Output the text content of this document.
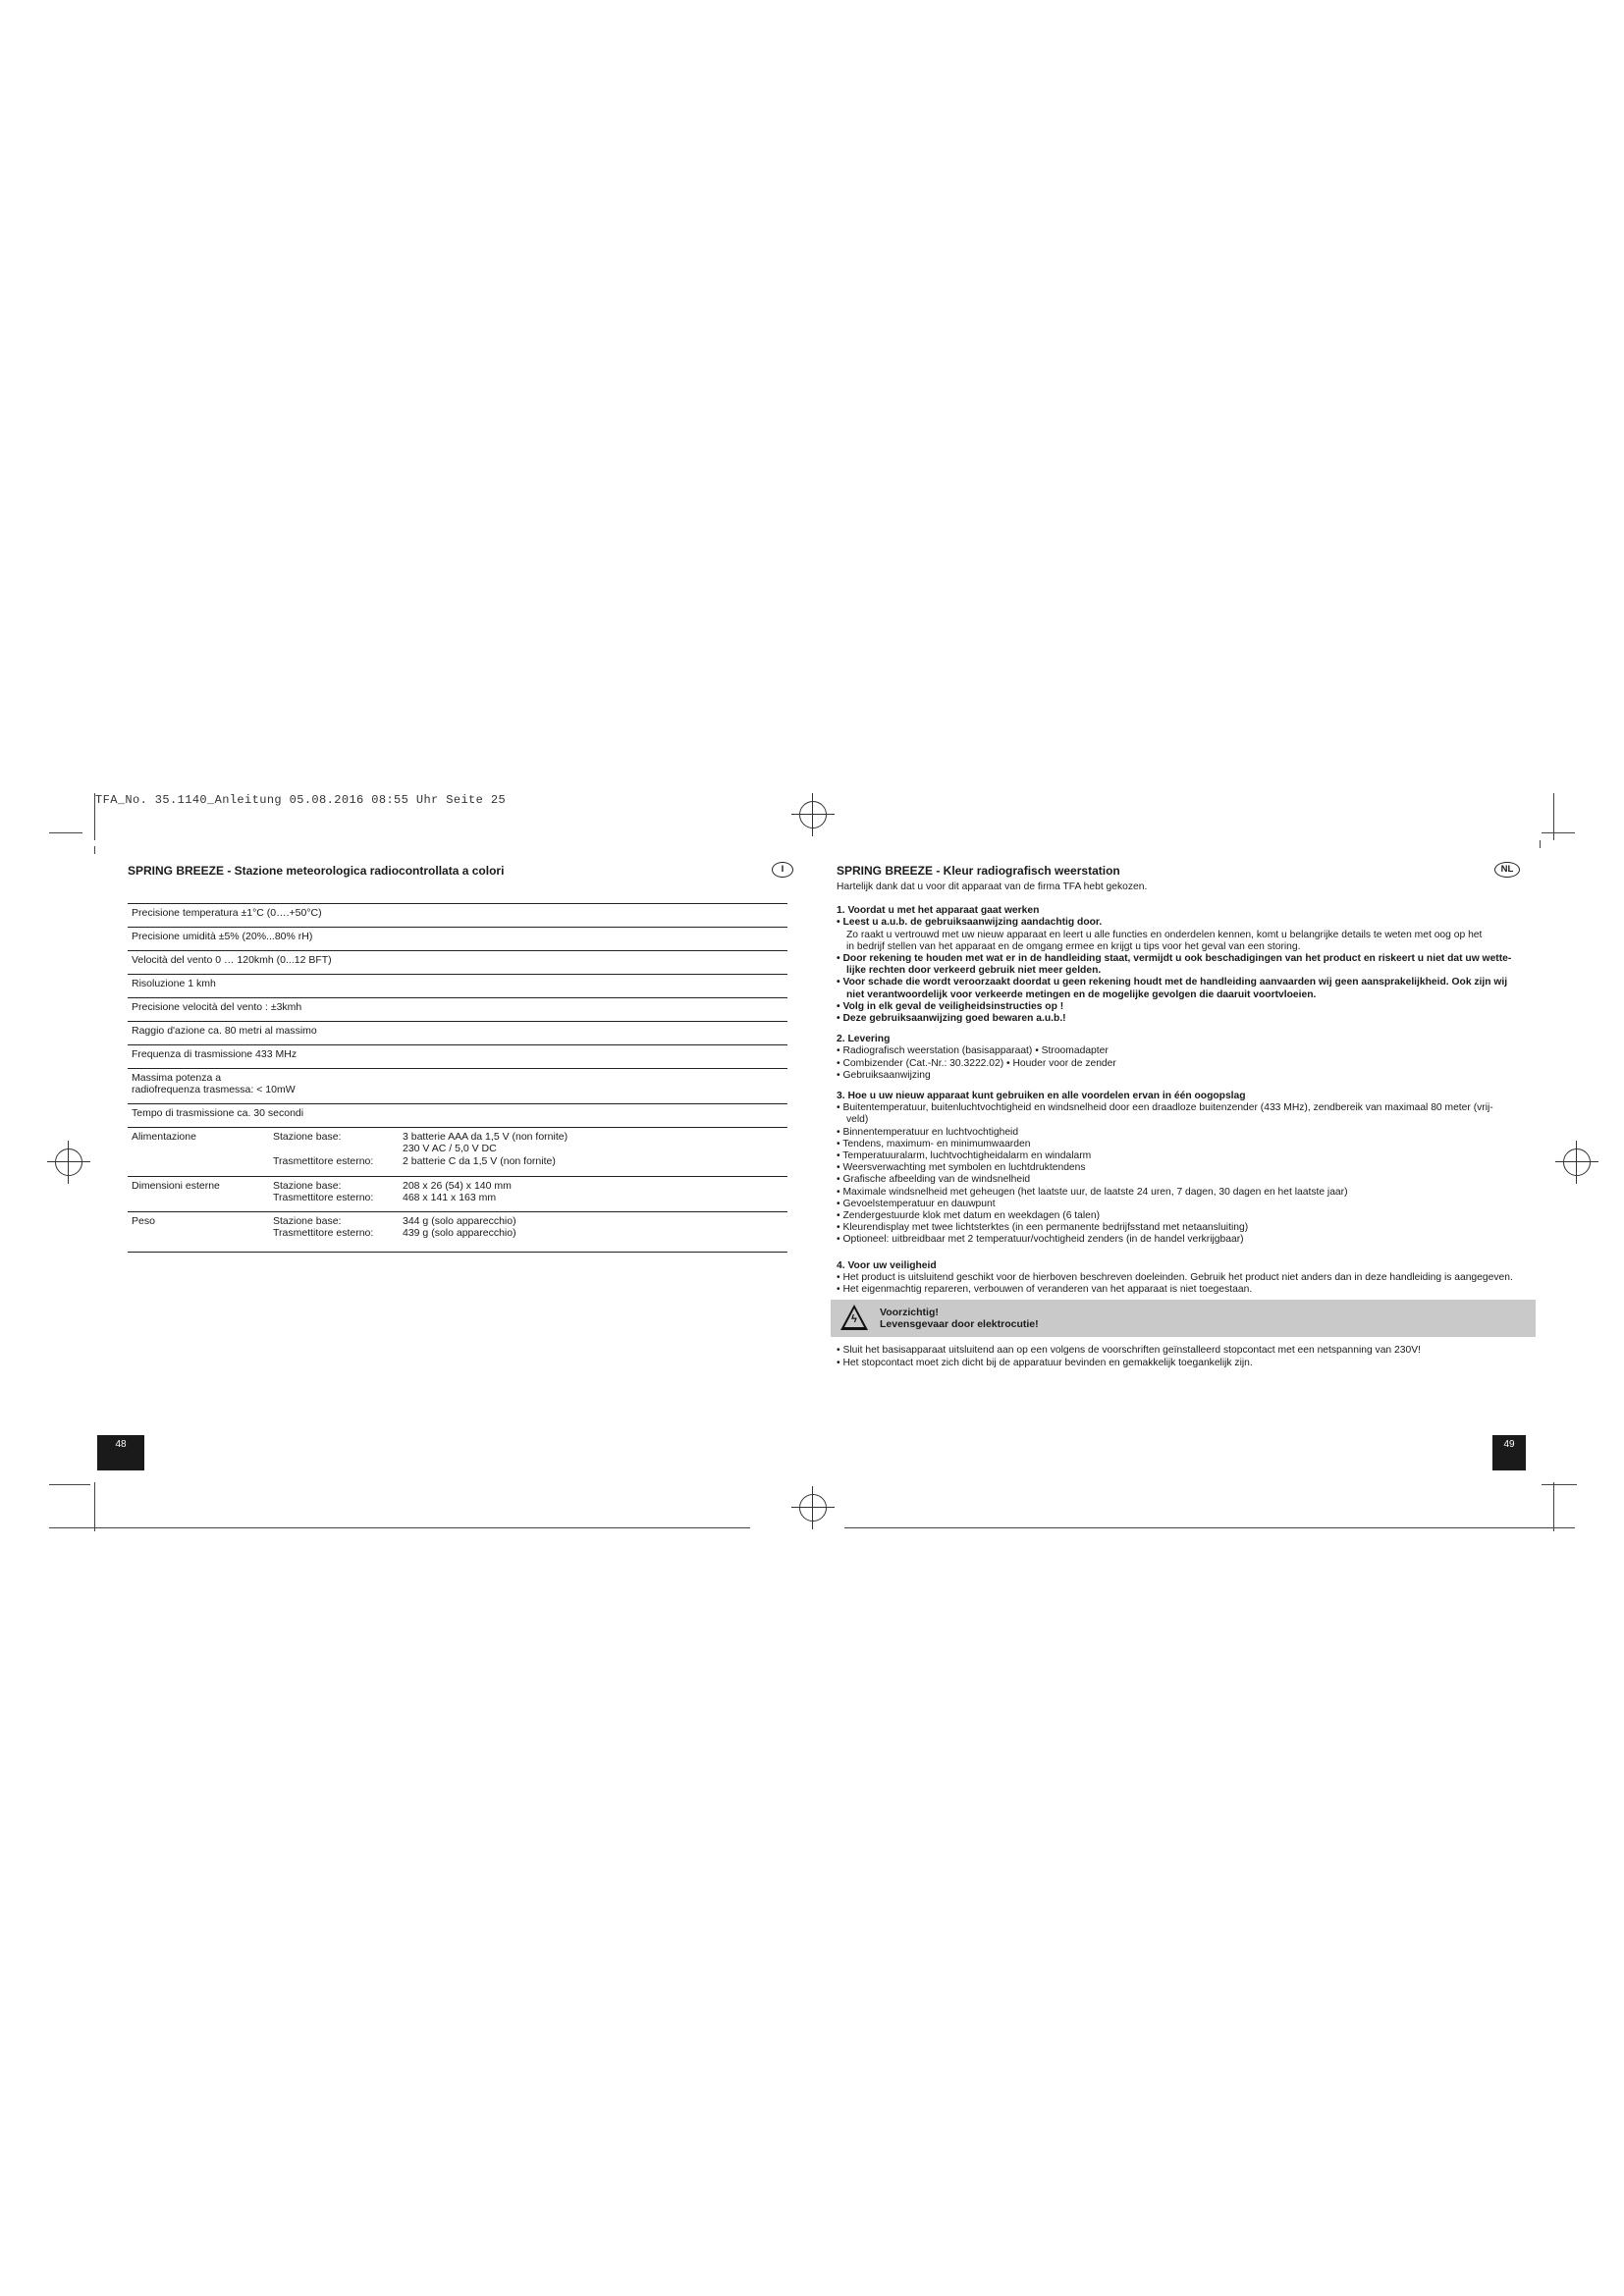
TFA_No. 35.1140_Anleitung 05.08.2016 08:55 Uhr Seite 25
SPRING BREEZE - Stazione meteorologica radiocontrollata a colori	I
Precisione temperatura ±1°C (0….+50°C)
Precisione umidità ±5% (20%...80% rH)
Velocità del vento 0 … 120kmh (0...12 BFT)
Risoluzione 1 kmh
Precisione velocità del vento : ±3kmh
Raggio d'azione ca. 80 metri al massimo
Frequenza di trasmissione 433 MHz
Massima potenza a
radiofrequenza trasmessa: < 10mW
Tempo di trasmissione ca. 30 secondi
Alimentazione	Stazione base:	3 batterie AAA da 1,5 V (non fornite)
230 V AC / 5,0 V DC
Trasmettitore esterno:	2 batterie C da 1,5 V (non fornite)
Dimensioni esterne	Stazione base:	208 x 26 (54) x 140 mm
Trasmettitore esterno:	468 x 141 x 163 mm
Peso	Stazione base:	344 g (solo apparecchio)
Trasmettitore esterno:	439 g (solo apparecchio)
48
SPRING BREEZE - Kleur radiografisch weerstation	NL
Hartelijk dank dat u voor dit apparaat van de firma TFA hebt gekozen.
1. Voordat u met het apparaat gaat werken
• Leest u a.u.b. de gebruiksaanwijzing aandachtig door.
Zo raakt u vertrouwd met uw nieuw apparaat en leert u alle functies en onderdelen kennen, komt u belangrijke details te weten met oog op het
in bedrijf stellen van het apparaat en de omgang ermee en krijgt u tips voor het geval van een storing.
• Door rekening te houden met wat er in de handleiding staat, vermijdt u ook beschadigingen van het product en riskeert u niet dat uw wette-
lijke rechten door verkeerd gebruik niet meer gelden.
• Voor schade die wordt veroorzaakt doordat u geen rekening houdt met de handleiding aanvaarden wij geen aansprakelijkheid. Ook zijn wij
niet verantwoordelijk voor verkeerde metingen en de mogelijke gevolgen die daaruit voortvloeien.
• Volg in elk geval de veiligheidsinstructies op !
• Deze gebruiksaanwijzing goed bewaren a.u.b.!
2. Levering
• Radiografisch weerstation (basisapparaat) • Stroomadapter
• Combizender (Cat.-Nr.: 30.3222.02) • Houder voor de zender
• Gebruiksaanwijzing
3. Hoe u uw nieuw apparaat kunt gebruiken en alle voordelen ervan in één oogopslag
• Buitentemperatuur, buitenluchtvochtigheid en windsnelheid door een draadloze buitenzender (433 MHz), zendbereik van maximaal 80 meter (vrij-
veld)
• Binnentemperatuur en luchtvochtigheid
• Tendens, maximum- en minimumwaarden
• Temperatuuralarm, luchtvochtigheidalarm en windalarm
• Weersverwachting met symbolen en luchtdruktendens
• Grafische afbeelding van de windsnelheid
• Maximale windsnelheid met geheugen (het laatste uur, de laatste 24 uren, 7 dagen, 30 dagen en het laatste jaar)
• Gevoelstemperatuur en dauwpunt
• Zendergestuurde klok met datum en weekdagen (6 talen)
• Kleurendisplay met twee lichtsterktes (in een permanente bedrijfsstand met netaansluiting)
• Optioneel: uitbreidbaar met 2 temperatuur/vochtigheid zenders (in de handel verkrijgbaar)
4. Voor uw veiligheid
• Het product is uitsluitend geschikt voor de hierboven beschreven doeleinden. Gebruik het product niet anders dan in deze handleiding is aangegeven.
• Het eigenmachtig repareren, verbouwen of veranderen van het apparaat is niet toegestaan.
ϟ
Voorzichtig!
Levensgevaar door elektrocutie!
• Sluit het basisapparaat uitsluitend aan op een volgens de voorschriften geïnstalleerd stopcontact met een netspanning van 230V!
• Het stopcontact moet zich dicht bij de apparatuur bevinden en gemakkelijk toegankelijk zijn.
49
